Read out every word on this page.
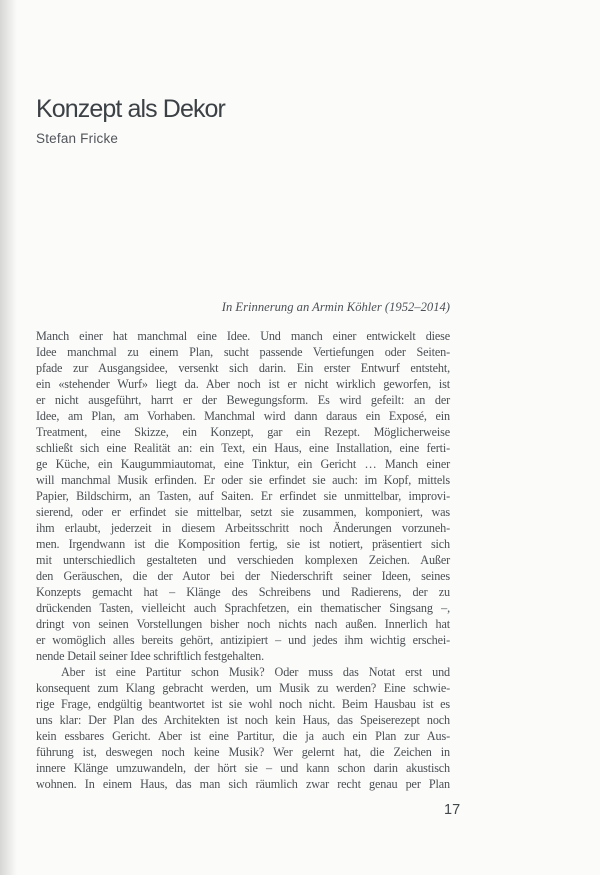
Konzept als Dekor
Stefan Fricke
In Erinnerung an Armin Köhler (1952–2014)
Manch einer hat manchmal eine Idee. Und manch einer entwickelt diese
Idee manchmal zu einem Plan, sucht passende Vertiefungen oder Seiten-
pfade zur Ausgangsidee, versenkt sich darin. Ein erster Entwurf entsteht,
ein «stehender Wurf» liegt da. Aber noch ist er nicht wirklich geworfen, ist
er nicht ausgeführt, harrt er der Bewegungsform. Es wird gefeilt: an der
Idee, am Plan, am Vorhaben. Manchmal wird dann daraus ein Exposé, ein
Treatment, eine Skizze, ein Konzept, gar ein Rezept. Möglicherweise
schließt sich eine Realität an: ein Text, ein Haus, eine Installation, eine ferti-
ge Küche, ein Kaugummiautomat, eine Tinktur, ein Gericht … Manch einer
will manchmal Musik erfinden. Er oder sie erfindet sie auch: im Kopf, mittels
Papier, Bildschirm, an Tasten, auf Saiten. Er erfindet sie unmittelbar, improvi-
sierend, oder er erfindet sie mittelbar, setzt sie zusammen, komponiert, was
ihm erlaubt, jederzeit in diesem Arbeitsschritt noch Änderungen vorzuneh-
men. Irgendwann ist die Komposition fertig, sie ist notiert, präsentiert sich
mit unterschiedlich gestalteten und verschieden komplexen Zeichen. Außer
den Geräuschen, die der Autor bei der Niederschrift seiner Ideen, seines
Konzepts gemacht hat – Klänge des Schreibens und Radierens, der zu
drückenden Tasten, vielleicht auch Sprachfetzen, ein thematischer Singsang –,
dringt von seinen Vorstellungen bisher noch nichts nach außen. Innerlich hat
er womöglich alles bereits gehört, antizipiert – und jedes ihm wichtig erschei-
nende Detail seiner Idee schriftlich festgehalten.
Aber ist eine Partitur schon Musik? Oder muss das Notat erst und
konsequent zum Klang gebracht werden, um Musik zu werden? Eine schwie-
rige Frage, endgültig beantwortet ist sie wohl noch nicht. Beim Hausbau ist es
uns klar: Der Plan des Architekten ist noch kein Haus, das Speiserezept noch
kein essbares Gericht. Aber ist eine Partitur, die ja auch ein Plan zur Aus-
führung ist, deswegen noch keine Musik? Wer gelernt hat, die Zeichen in
innere Klänge umzuwandeln, der hört sie – und kann schon darin akustisch
wohnen. In einem Haus, das man sich räumlich zwar recht genau per Plan
17
